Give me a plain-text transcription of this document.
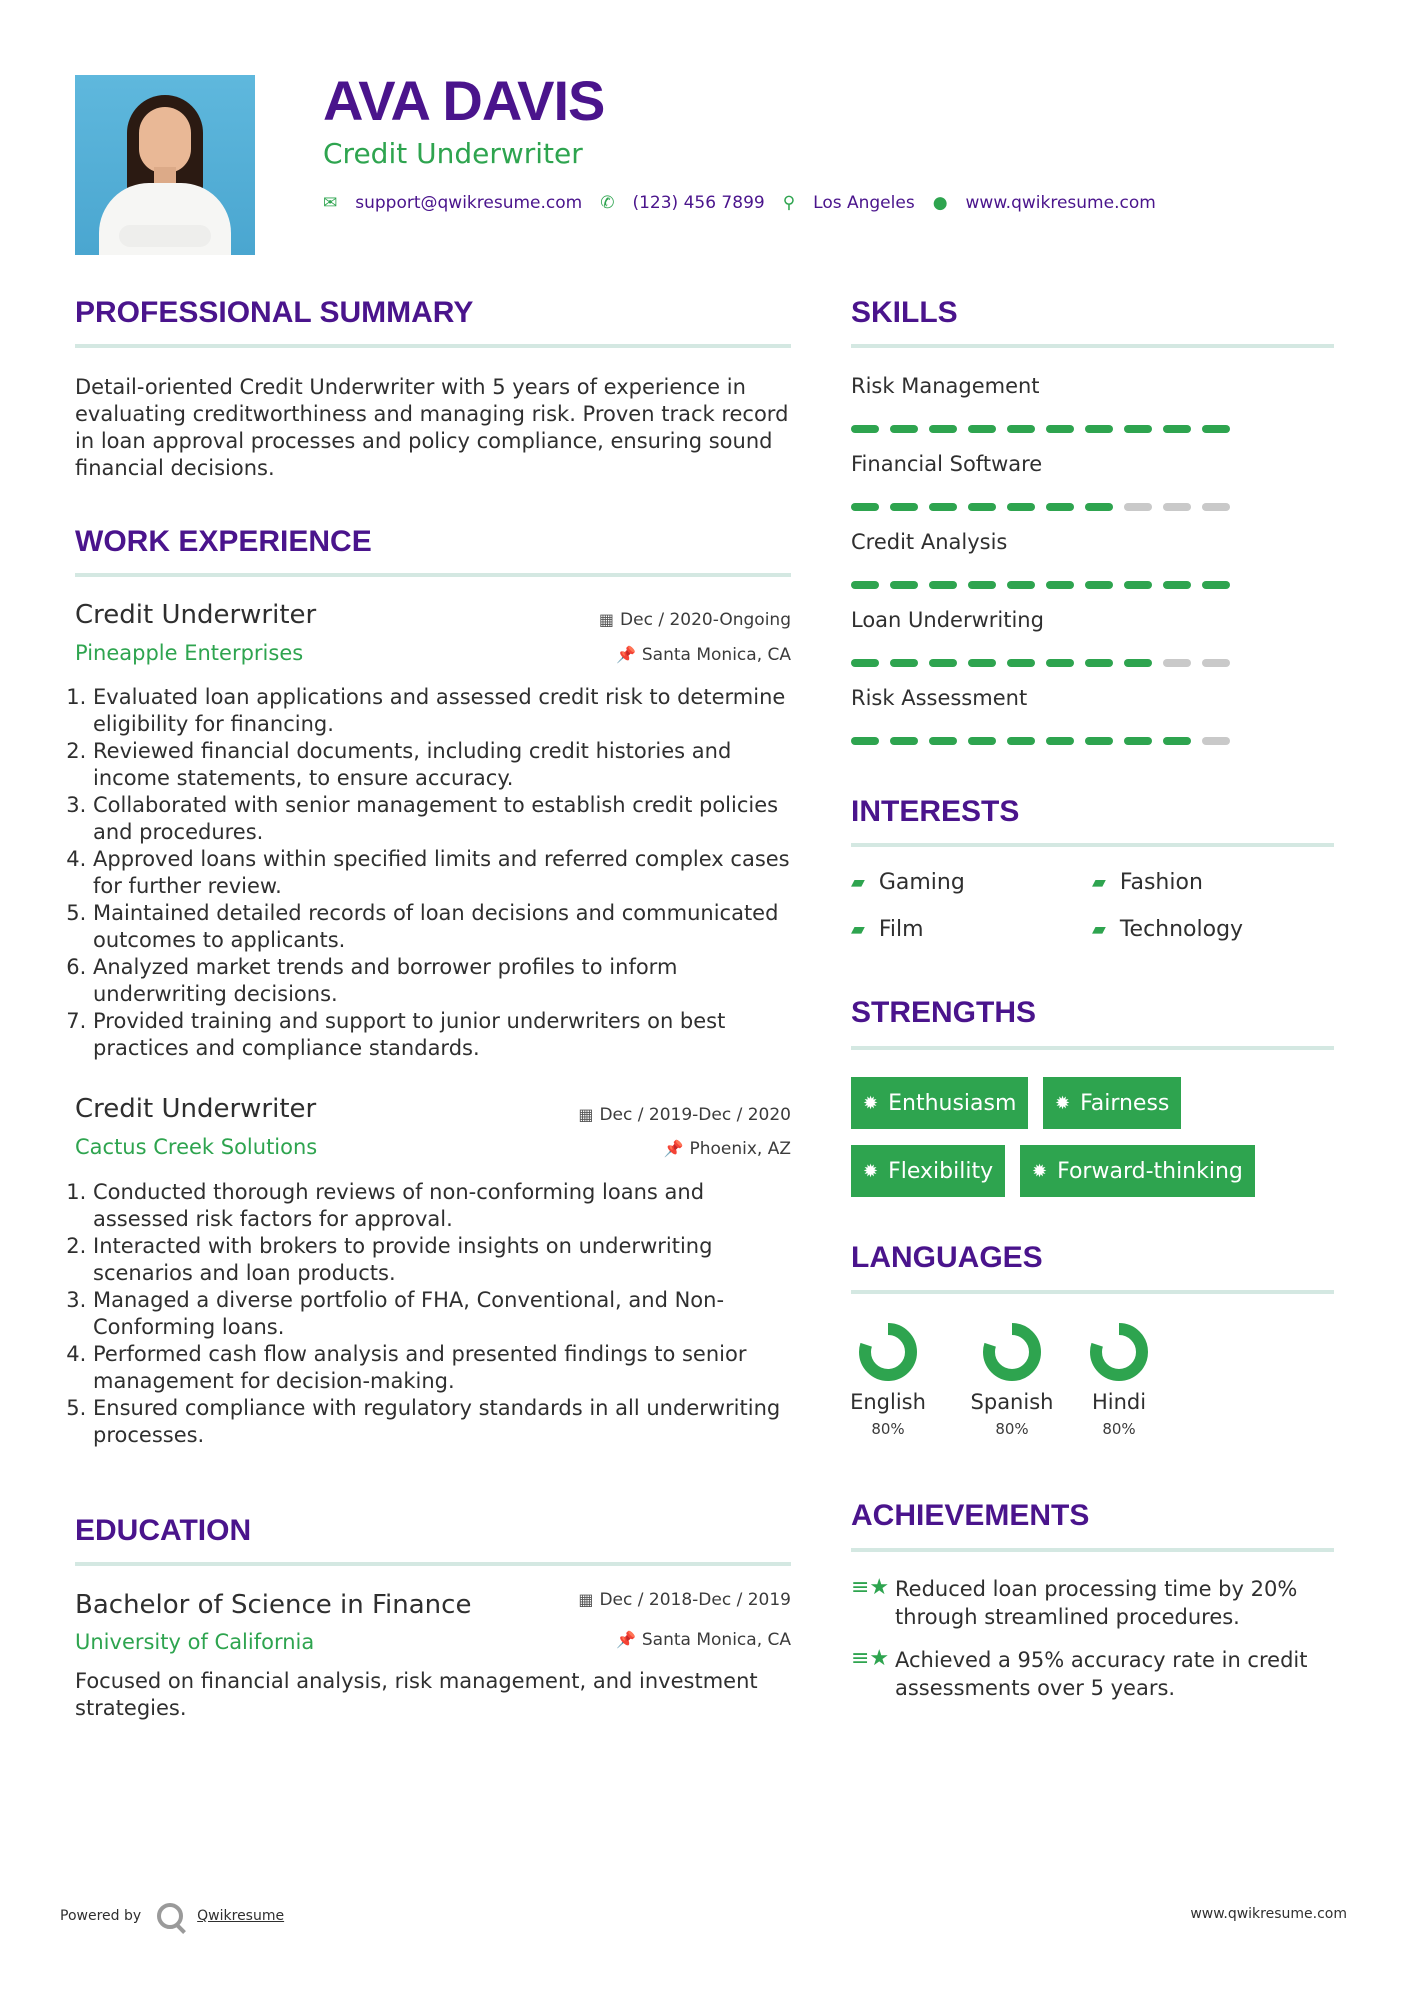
AVA DAVIS
Credit Underwriter
✉ support@qwikresume.com ✆ (123) 456 7899 ⚲ Los Angeles ● www.qwikresume.com
PROFESSIONAL SUMMARY
Detail-oriented Credit Underwriter with 5 years of experience in evaluating creditworthiness and managing risk. Proven track record in loan approval processes and policy compliance, ensuring sound financial decisions.
WORK EXPERIENCE
Credit Underwriter	▦ Dec / 2020-Ongoing
Pineapple Enterprises	📌 Santa Monica, CA
1. Evaluated loan applications and assessed credit risk to determine eligibility for financing.
2. Reviewed financial documents, including credit histories and income statements, to ensure accuracy.
3. Collaborated with senior management to establish credit policies and procedures.
4. Approved loans within specified limits and referred complex cases for further review.
5. Maintained detailed records of loan decisions and communicated outcomes to applicants.
6. Analyzed market trends and borrower profiles to inform underwriting decisions.
7. Provided training and support to junior underwriters on best practices and compliance standards.
Credit Underwriter	▦ Dec / 2019-Dec / 2020
Cactus Creek Solutions	📌 Phoenix, AZ
1. Conducted thorough reviews of non-conforming loans and assessed risk factors for approval.
2. Interacted with brokers to provide insights on underwriting scenarios and loan products.
3. Managed a diverse portfolio of FHA, Conventional, and Non-Conforming loans.
4. Performed cash flow analysis and presented findings to senior management for decision-making.
5. Ensured compliance with regulatory standards in all underwriting processes.
EDUCATION
Bachelor of Science in Finance	▦ Dec / 2018-Dec / 2019
University of California	📌 Santa Monica, CA
Focused on financial analysis, risk management, and investment strategies.
SKILLS
Risk Management
Financial Software
Credit Analysis
Loan Underwriting
Risk Assessment
INTERESTS
▰ Gaming	▰ Fashion
▰ Film	▰ Technology
STRENGTHS
✹ Enthusiasm ✹ Fairness
✹ Flexibility ✹ Forward-thinking
LANGUAGES
English
80%
Spanish
80%
Hindi
80%
ACHIEVEMENTS
≡★ Reduced loan processing time by 20% through streamlined procedures.
≡★ Achieved a 95% accuracy rate in credit assessments over 5 years.
Powered by	Qwikresume	www.qwikresume.com
